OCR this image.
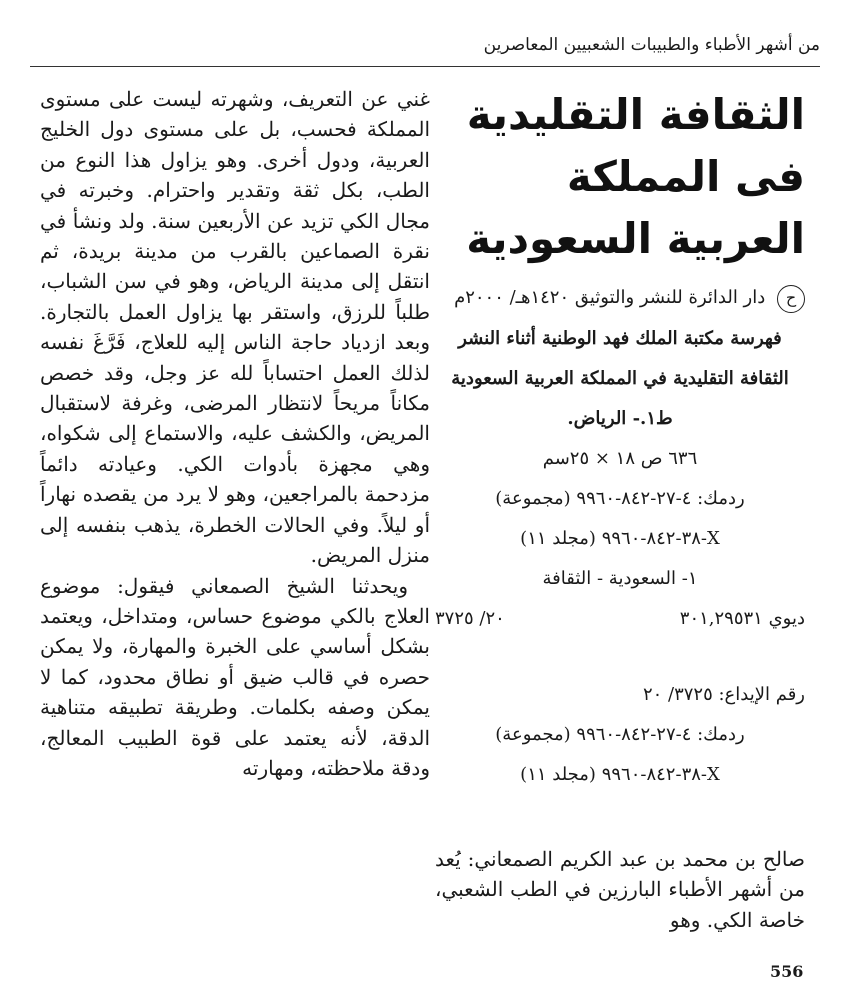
من أشهر الأطباء والطبيبات الشعبيين المعاصرين

غني عن التعريف، وشهرته ليست على مستوى المملكة فحسب، بل على مستوى دول الخليج العربية، ودول أخرى. وهو يزاول هذا النوع من الطب، بكل ثقة وتقدير واحترام. وخبرته في مجال الكي تزيد عن الأربعين سنة. ولد ونشأ في نقرة الصماعين بالقرب من مدينة بريدة، ثم انتقل إلى مدينة الرياض، وهو في سن الشباب، طلباً للرزق، واستقر بها يزاول العمل بالتجارة. وبعد ازدياد حاجة الناس إليه للعلاج، فَرَّغَ نفسه لذلك العمل احتساباً لله عز وجل، وقد خصص مكاناً مريحاً لانتظار المرضى، وغرفة لاستقبال المريض، والكشف عليه، والاستماع إلى شكواه، وهي مجهزة بأدوات الكي. وعيادته دائماً مزدحمة بالمراجعين، وهو لا يرد من يقصده نهاراً أو ليلاً. وفي الحالات الخطرة، يذهب بنفسه إلى منزل المريض.

ويحدثنا الشيخ الصمعاني فيقول: موضوع العلاج بالكي موضوع حساس، ومتداخل، ويعتمد بشكل أساسي على الخبرة والمهارة، ولا يمكن حصره في قالب ضيق أو نطاق محدود، كما لا يمكن وصفه بكلمات. وطريقة تطبيقه متناهية الدقة، لأنه يعتمد على قوة الطبيب المعالج، ودقة ملاحظته، ومهارته

الثقافة التقليدية
فى المملكة العربية السعودية
ح دار الدائرة للنشر والتوثيق ١٤٢٠هـ/ ٢٠٠٠م
فهرسة مكتبة الملك فهد الوطنية أثناء النشر
الثقافة التقليدية في المملكة العربية السعودية
ط١.- الرياض.
٦٣٦ ص ١٨ × ٢٥سم
ردمك: ٤-٢٧-٨٤٢-٩٩٦٠ (مجموعة)
X-٣٨-٨٤٢-٩٩٦٠ (مجلد ١١)
١- السعودية - الثقافة
ديوي ٣٠١,٢٩٥٣١
٢٠/ ٣٧٢٥
رقم الإيداع: ٣٧٢٥/ ٢٠
ردمك: ٤-٢٧-٨٤٢-٩٩٦٠ (مجموعة)
X-٣٨-٨٤٢-٩٩٦٠ (مجلد ١١)

صالح بن محمد بن عبد الكريم الصمعاني: يُعد من أشهر الأطباء البارزين في الطب الشعبي، خاصة الكي. وهو

556
